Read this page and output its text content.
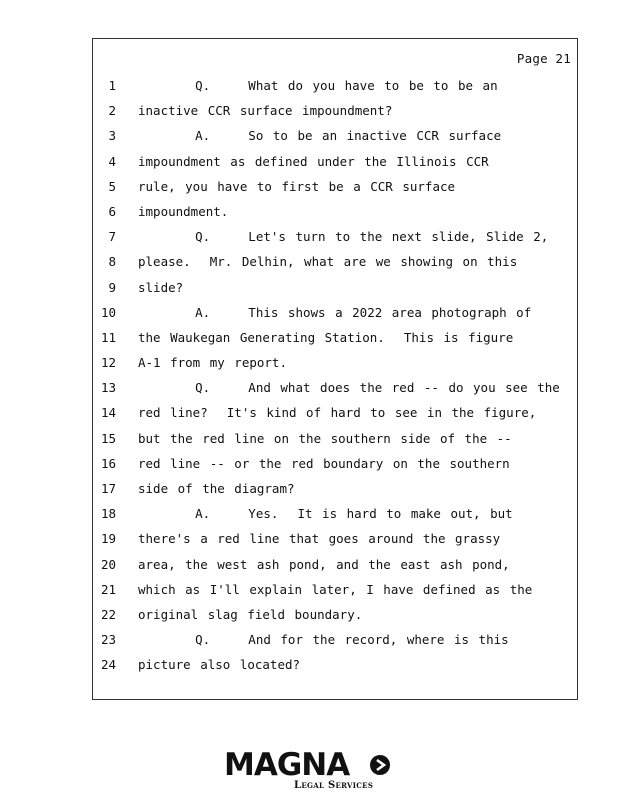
Page 21
1 Q.    What do you have to be to be an
2 inactive CCR surface impoundment?
3 A.    So to be an inactive CCR surface
4 impoundment as defined under the Illinois CCR
5 rule, you have to first be a CCR surface
6 impoundment.
7 Q.    Let's turn to the next slide, Slide 2,
8 please.  Mr. Delhin, what are we showing on this
9 slide?
10 A.    This shows a 2022 area photograph of
11 the Waukegan Generating Station.  This is figure
12 A-1 from my report.
13 Q.    And what does the red -- do you see the
14 red line?  It's kind of hard to see in the figure,
15 but the red line on the southern side of the --
16 red line -- or the red boundary on the southern
17 side of the diagram?
18 A.    Yes.  It is hard to make out, but
19 there's a red line that goes around the grassy
20 area, the west ash pond, and the east ash pond,
21 which as I'll explain later, I have defined as the
22 original slag field boundary.
23 Q.    And for the record, where is this
24 picture also located?
MAGNA
Legal Services
